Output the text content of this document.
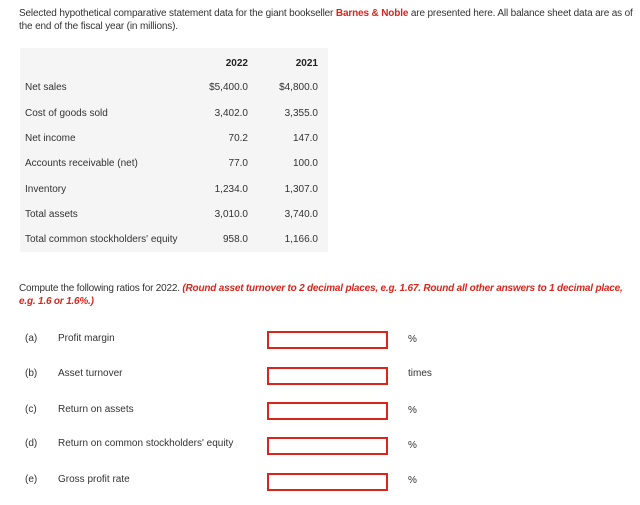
Selected hypothetical comparative statement data for the giant bookseller Barnes & Noble are presented here. All balance sheet data are as of the end of the fiscal year (in millions).
2022	2021
Net sales	$5,400.0	$4,800.0
Cost of goods sold	3,402.0	3,355.0
Net income	70.2	147.0
Accounts receivable (net)	77.0	100.0
Inventory	1,234.0	1,307.0
Total assets	3,010.0	3,740.0
Total common stockholders' equity	958.0	1,166.0
Compute the following ratios for 2022. (Round asset turnover to 2 decimal places, e.g. 1.67. Round all other answers to 1 decimal place, e.g. 1.6 or 1.6%.)
(a) Profit margin	%
(b) Asset turnover	times
(c) Return on assets	%
(d) Return on common stockholders' equity	%
(e) Gross profit rate	%
